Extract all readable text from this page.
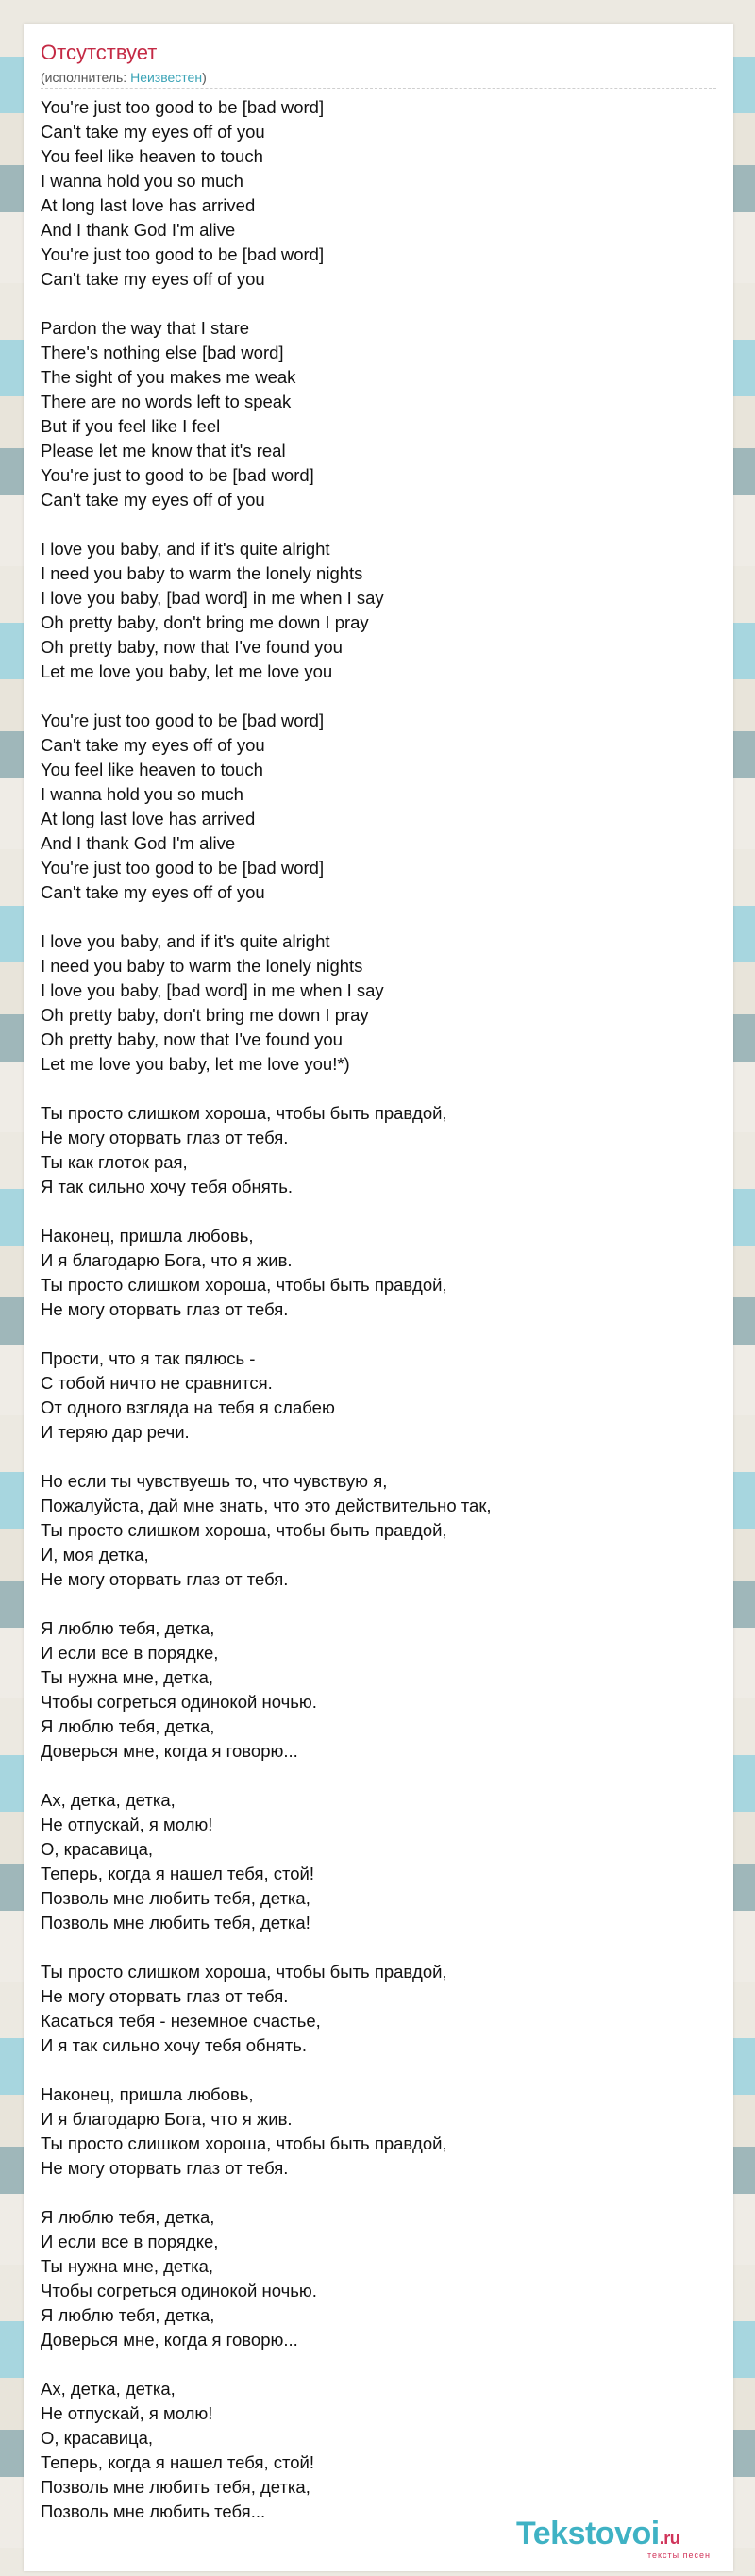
Отсутствует
(исполнитель: Неизвестен)
You're just too good to be [bad word]
Can't take my eyes off of you
You feel like heaven to touch
I wanna hold you so much
At long last love has arrived
And I thank God I'm alive
You're just too good to be [bad word]
Can't take my eyes off of you
Pardon the way that I stare
There's nothing else [bad word]
The sight of you makes me weak
There are no words left to speak
But if you feel like I feel
Please let me know that it's real
You're just to good to be [bad word]
Can't take my eyes off of you
I love you baby, and if it's quite alright
I need you baby to warm the lonely nights
I love you baby, [bad word] in me when I say
Oh pretty baby, don't bring me down I pray
Oh pretty baby, now that I've found you
Let me love you baby, let me love you
You're just too good to be [bad word]
Can't take my eyes off of you
You feel like heaven to touch
I wanna hold you so much
At long last love has arrived
And I thank God I'm alive
You're just too good to be [bad word]
Can't take my eyes off of you
I love you baby, and if it's quite alright
I need you baby to warm the lonely nights
I love you baby, [bad word] in me when I say
Oh pretty baby, don't bring me down I pray
Oh pretty baby, now that I've found you
Let me love you baby, let me love you!*)
Ты просто слишком хороша, чтобы быть правдой,
Не могу оторвать глаз от тебя.
Ты как глоток рая,
Я так сильно хочу тебя обнять.
Наконец, пришла любовь,
И я благодарю Бога, что я жив.
Ты просто слишком хороша, чтобы быть правдой,
Не могу оторвать глаз от тебя.
Прости, что я так пялюсь -
С тобой ничто не сравнится.
От одного взгляда на тебя я слабею
И теряю дар речи.
Но если ты чувствуешь то, что чувствую я,
Пожалуйста, дай мне знать, что это действительно так,
Ты просто слишком хороша, чтобы быть правдой,
И, моя детка,
Не могу оторвать глаз от тебя.
Я люблю тебя, детка,
И если все в порядке,
Ты нужна мне, детка,
Чтобы согреться одинокой ночью.
Я люблю тебя, детка,
Доверься мне, когда я говорю...
Ах, детка, детка,
Не отпускай, я молю!
О, красавица,
Теперь, когда я нашел тебя, стой!
Позволь мне любить тебя, детка,
Позволь мне любить тебя, детка!
Ты просто слишком хороша, чтобы быть правдой,
Не могу оторвать глаз от тебя.
Касаться тебя - неземное счастье,
И я так сильно хочу тебя обнять.
Наконец, пришла любовь,
И я благодарю Бога, что я жив.
Ты просто слишком хороша, чтобы быть правдой,
Не могу оторвать глаз от тебя.
Я люблю тебя, детка,
И если все в порядке,
Ты нужна мне, детка,
Чтобы согреться одинокой ночью.
Я люблю тебя, детка,
Доверься мне, когда я говорю...
Ах, детка, детка,
Не отпускай, я молю!
О, красавица,
Теперь, когда я нашел тебя, стой!
Позволь мне любить тебя, детка,
Позволь мне любить тебя...
Tekstovoi.ru
тексты песен
